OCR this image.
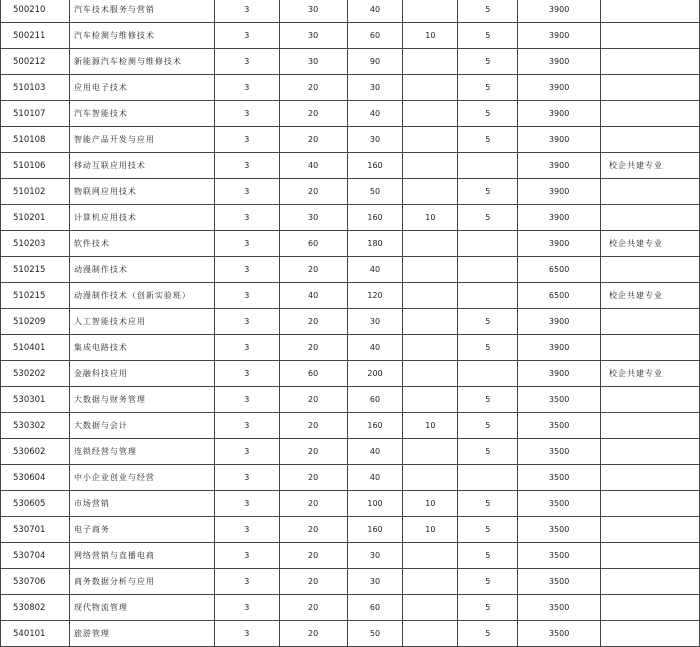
500210	汽车技术服务与营销	3	30	40		5	3900	
500211	汽车检测与维修技术	3	30	60	10	5	3900	
500212	新能源汽车检测与维修技术	3	30	90		5	3900	
510103	应用电子技术	3	20	30		5	3900	
510107	汽车智能技术	3	20	40		5	3900	
510108	智能产品开发与应用	3	20	30		5	3900	
510106	移动互联应用技术	3	40	160			3900	校企共建专业
510102	物联网应用技术	3	20	50		5	3900	
510201	计算机应用技术	3	30	160	10	5	3900	
510203	软件技术	3	60	180			3900	校企共建专业
510215	动漫制作技术	3	20	40			6500	
510215	动漫制作技术（创新实验班）	3	40	120			6500	校企共建专业
510209	人工智能技术应用	3	20	30		5	3900	
510401	集成电路技术	3	20	40		5	3900	
530202	金融科技应用	3	60	200			3900	校企共建专业
530301	大数据与财务管理	3	20	60		5	3500	
530302	大数据与会计	3	20	160	10	5	3500	
530602	连锁经营与管理	3	20	40		5	3500	
530604	中小企业创业与经营	3	20	40			3500	
530605	市场营销	3	20	100	10	5	3500	
530701	电子商务	3	20	160	10	5	3500	
530704	网络营销与直播电商	3	20	30		5	3500	
530706	商务数据分析与应用	3	20	30		5	3500	
530802	现代物流管理	3	20	60		5	3500	
540101	旅游管理	3	20	50		5	3500	
